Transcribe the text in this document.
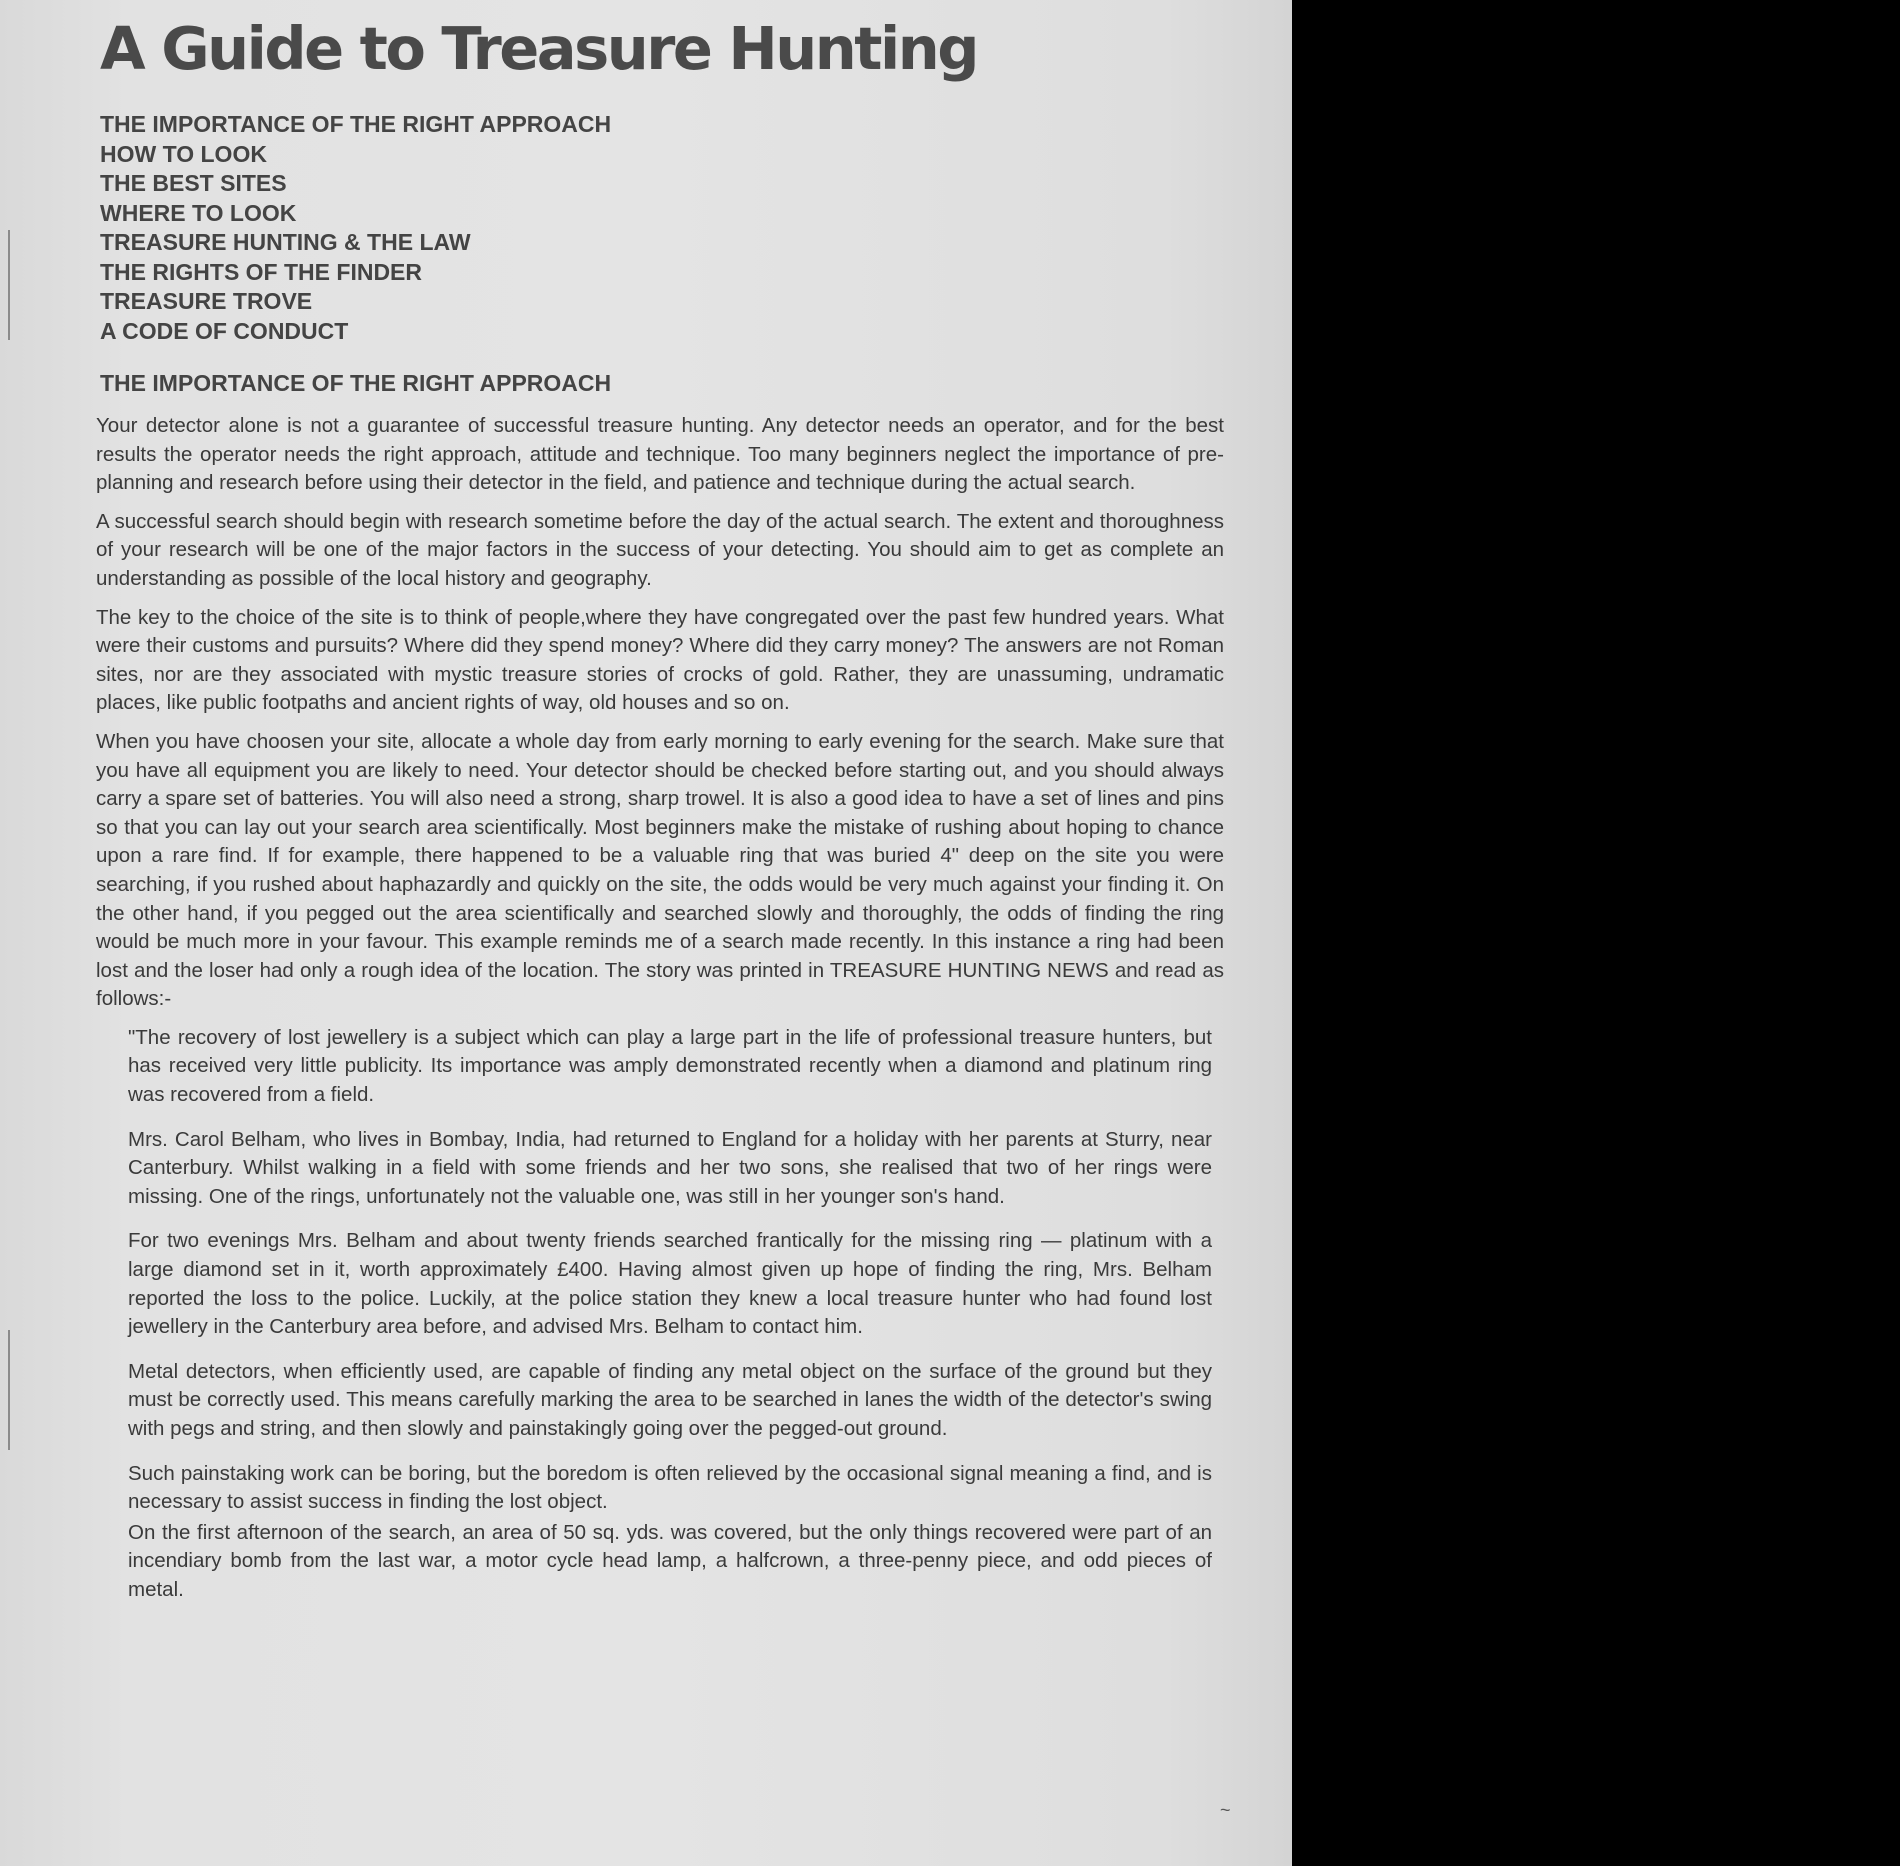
A Guide to Treasure Hunting
THE IMPORTANCE OF THE RIGHT APPROACH
HOW TO LOOK
THE BEST SITES
WHERE TO LOOK
TREASURE HUNTING & THE LAW
THE RIGHTS OF THE FINDER
TREASURE TROVE
A CODE OF CONDUCT
THE IMPORTANCE OF THE RIGHT APPROACH

Your detector alone is not a guarantee of successful treasure hunting. Any detector needs an operator, and for the best results the operator needs the right approach, attitude and technique. Too many beginners neglect the importance of pre-planning and research before using their detector in the field, and patience and technique during the actual search.

A successful search should begin with research sometime before the day of the actual search. The extent and thoroughness of your research will be one of the major factors in the success of your detecting. You should aim to get as complete an understanding as possible of the local history and geography.

The key to the choice of the site is to think of people,where they have congregated over the past few hundred years. What were their customs and pursuits? Where did they spend money? Where did they carry money? The answers are not Roman sites, nor are they associated with mystic treasure stories of crocks of gold. Rather, they are unassuming, undramatic places, like public footpaths and ancient rights of way, old houses and so on.

When you have choosen your site, allocate a whole day from early morning to early evening for the search. Make sure that you have all equipment you are likely to need. Your detector should be checked before starting out, and you should always carry a spare set of batteries. You will also need a strong, sharp trowel. It is also a good idea to have a set of lines and pins so that you can lay out your search area scientifically. Most beginners make the mistake of rushing about hoping to chance upon a rare find. If for example, there happened to be a valuable ring that was buried 4" deep on the site you were searching, if you rushed about haphazardly and quickly on the site, the odds would be very much against your finding it. On the other hand, if you pegged out the area scientifically and searched slowly and thoroughly, the odds of finding the ring would be much more in your favour. This example reminds me of a search made recently. In this instance a ring had been lost and the loser had only a rough idea of the location. The story was printed in TREASURE HUNTING NEWS and read as follows:-

"The recovery of lost jewellery is a subject which can play a large part in the life of professional treasure hunters, but has received very little publicity. Its importance was amply demonstrated recently when a diamond and platinum ring was recovered from a field.

Mrs. Carol Belham, who lives in Bombay, India, had returned to England for a holiday with her parents at Sturry, near Canterbury. Whilst walking in a field with some friends and her two sons, she realised that two of her rings were missing. One of the rings, unfortunately not the valuable one, was still in her younger son's hand.

For two evenings Mrs. Belham and about twenty friends searched frantically for the missing ring — platinum with a large diamond set in it, worth approximately £400. Having almost given up hope of finding the ring, Mrs. Belham reported the loss to the police. Luckily, at the police station they knew a local treasure hunter who had found lost jewellery in the Canterbury area before, and advised Mrs. Belham to contact him.

Metal detectors, when efficiently used, are capable of finding any metal object on the surface of the ground but they must be correctly used. This means carefully marking the area to be searched in lanes the width of the detector's swing with pegs and string, and then slowly and painstakingly going over the pegged-out ground.

Such painstaking work can be boring, but the boredom is often relieved by the occasional signal meaning a find, and is necessary to assist success in finding the lost object.

On the first afternoon of the search, an area of 50 sq. yds. was covered, but the only things recovered were part of an incendiary bomb from the last war, a motor cycle head lamp, a halfcrown, a three-penny piece, and odd pieces of metal.

~
